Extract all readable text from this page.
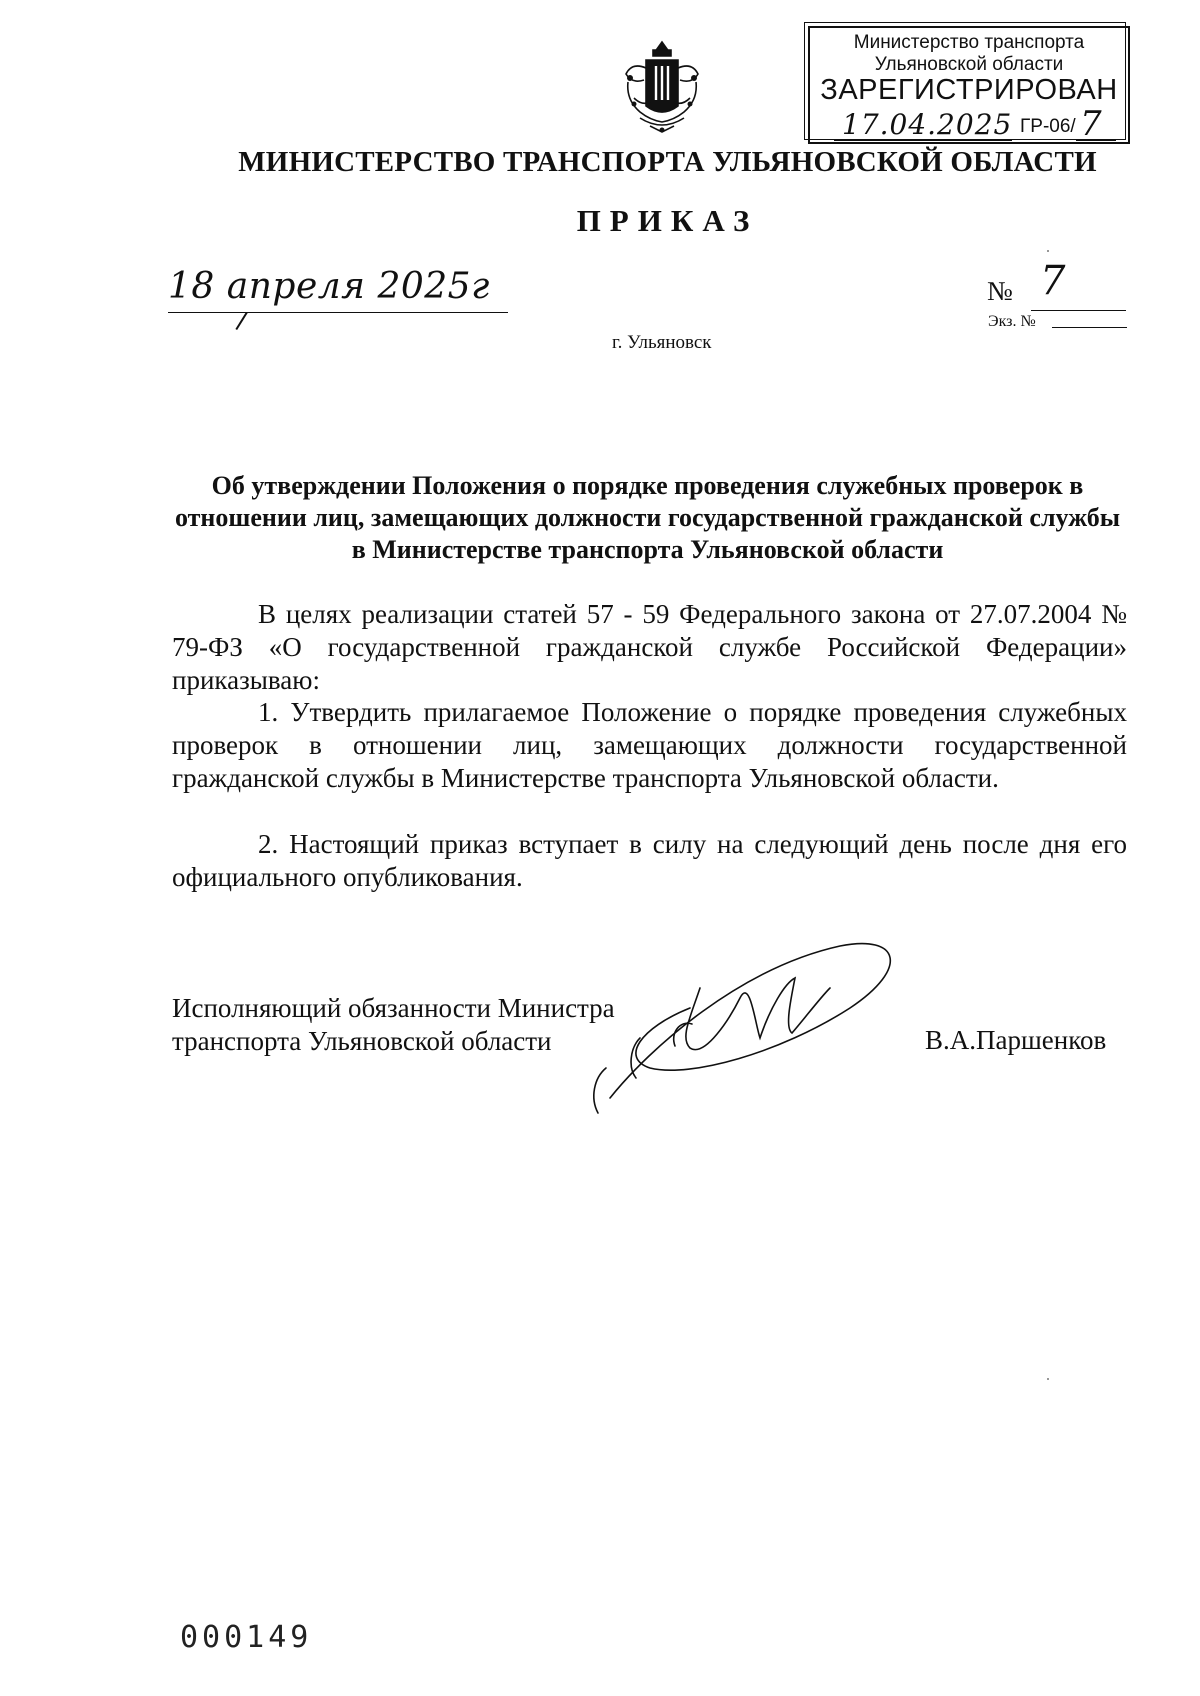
Министерство транспорта
Ульяновской области
ЗАРЕГИСТРИРОВАН
17.04.2025 ГР-06/ 7
МИНИСТЕРСТВО ТРАНСПОРТА УЛЬЯНОВСКОЙ ОБЛАСТИ
ПРИКАЗ
18 апреля 2025г	№ 7
Экз. №
г. Ульяновск
Об утверждении Положения о порядке проведения служебных проверок в отношении лиц, замещающих должности государственной гражданской службы в Министерстве транспорта Ульяновской области
В целях реализации статей 57 - 59 Федерального закона от 27.07.2004 № 79-ФЗ «О государственной гражданской службе Российской Федерации» приказываю:
1. Утвердить прилагаемое Положение о порядке проведения служебных проверок в отношении лиц, замещающих должности государственной гражданской службы в Министерстве транспорта Ульяновской области.
2. Настоящий приказ вступает в силу на следующий день после дня его официального опубликования.
Исполняющий обязанности Министра
транспорта Ульяновской области	В.А.Паршенков
000149
